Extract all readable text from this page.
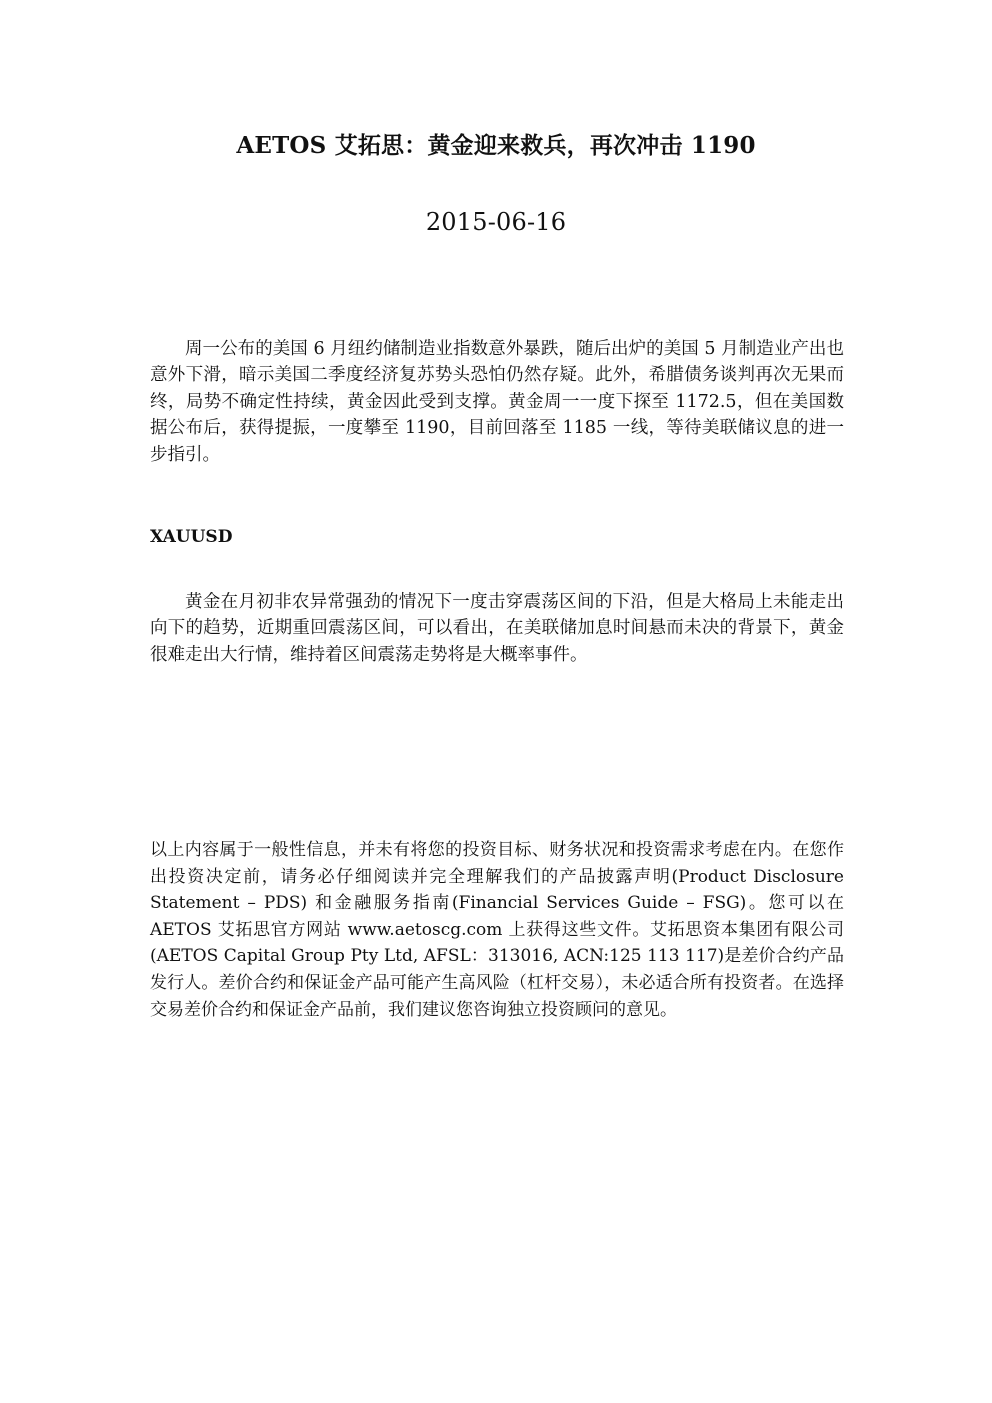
AETOS 艾拓思：黄金迎来救兵，再次冲击 1190
2015-06-16

周一公布的美国 6 月纽约储制造业指数意外暴跌，随后出炉的美国 5 月制造业产出也意外下滑，暗示美国二季度经济复苏势头恐怕仍然存疑。此外，希腊债务谈判再次无果而终，局势不确定性持续，黄金因此受到支撑。黄金周一一度下探至 1172.5，但在美国数据公布后，获得提振，一度攀至 1190，目前回落至 1185 一线，等待美联储议息的进一步指引。

XAUUSD

黄金在月初非农异常强劲的情况下一度击穿震荡区间的下沿，但是大格局上未能走出向下的趋势，近期重回震荡区间，可以看出，在美联储加息时间悬而未决的背景下，黄金很难走出大行情，维持着区间震荡走势将是大概率事件。

以上内容属于一般性信息，并未有将您的投资目标、财务状况和投资需求考虑在内。在您作出投资决定前，请务必仔细阅读并完全理解我们的产品披露声明(Product Disclosure Statement – PDS) 和金融服务指南(Financial Services Guide – FSG)。您可以在 AETOS 艾拓思官方网站 www.aetoscg.com 上获得这些文件。艾拓思资本集团有限公司(AETOS Capital Group Pty Ltd, AFSL：313016, ACN:125 113 117)是差价合约产品发行人。差价合约和保证金产品可能产生高风险（杠杆交易），未必适合所有投资者。在选择交易差价合约和保证金产品前，我们建议您咨询独立投资顾问的意见。
